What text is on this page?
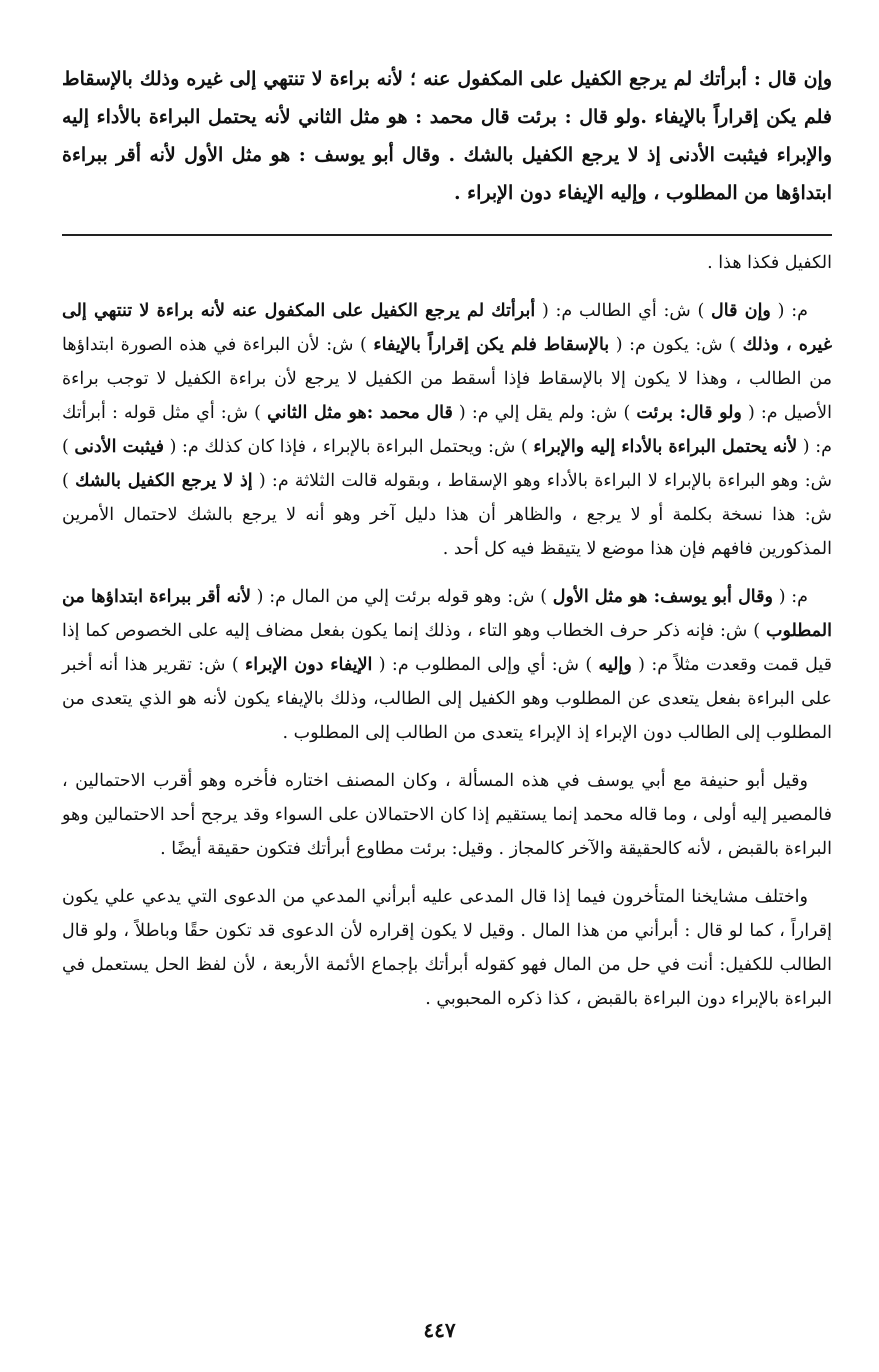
وإن قال : أبرأتك لم يرجع الكفيل على المكفول عنه ؛ لأنه براءة لا تنتهي إلى غيره وذلك بالإسقاط فلم يكن إقراراً بالإيفاء .ولو قال : برئت قال محمد : هو مثل الثاني لأنه يحتمل البراءة بالأداء إليه والإبراء فيثبت الأدنى إذ لا يرجع الكفيل بالشك . وقال أبو يوسف : هو مثل الأول لأنه أقر ببراءة ابتداؤها من المطلوب ، وإليه الإيفاء دون الإبراء .

الكفيل فكذا هذا .

م: ( وإن قال ) ش: أي الطالب م: ( أبرأتك لم يرجع الكفيل على المكفول عنه لأنه براءة لا تنتهي إلى غيره ، وذلك ) ش: يكون م: ( بالإسقاط فلم يكن إقراراً بالإيفاء ) ش: لأن البراءة في هذه الصورة ابتداؤها من الطالب ، وهذا لا يكون إلا بالإسقاط فإذا أسقط من الكفيل لا يرجع لأن براءة الكفيل لا توجب براءة الأصيل م: ( ولو قال: برئت ) ش: ولم يقل إلي م: ( قال محمد :هو مثل الثاني ) ش: أي مثل قوله : أبرأتك م: ( لأنه يحتمل البراءة بالأداء إليه والإبراء ) ش: ويحتمل البراءة بالإبراء ، فإذا كان كذلك م: ( فيثبت الأدنى ) ش: وهو البراءة بالإبراء لا البراءة بالأداء وهو الإسقاط ، وبقوله قالت الثلاثة م: ( إذ لا يرجع الكفيل بالشك ) ش: هذا نسخة بكلمة أو لا يرجع ، والظاهر أن هذا دليل آخر وهو أنه لا يرجع بالشك لاحتمال الأمرين المذكورين فافهم فإن هذا موضع لا يتيقظ فيه كل أحد .

م: ( وقال أبو يوسف: هو مثل الأول ) ش: وهو قوله برئت إلي من المال م: ( لأنه أقر ببراءة ابتداؤها من المطلوب ) ش: فإنه ذكر حرف الخطاب وهو التاء ، وذلك إنما يكون بفعل مضاف إليه على الخصوص كما إذا قيل قمت وقعدت مثلاً م: ( وإليه ) ش: أي وإلى المطلوب م: ( الإيفاء دون الإبراء ) ش: تقرير هذا أنه أخبر على البراءة بفعل يتعدى عن المطلوب وهو الكفيل إلى الطالب، وذلك بالإيفاء يكون لأنه هو الذي يتعدى من المطلوب إلى الطالب دون الإبراء إذ الإبراء يتعدى من الطالب إلى المطلوب .

وقيل أبو حنيفة مع أبي يوسف في هذه المسألة ، وكان المصنف اختاره فأخره وهو أقرب الاحتمالين ، فالمصير إليه أولى ، وما قاله محمد إنما يستقيم إذا كان الاحتمالان على السواء وقد يرجح أحد الاحتمالين وهو البراءة بالقبض ، لأنه كالحقيقة والآخر كالمجاز . وقيل: برئت مطاوع أبرأتك فتكون حقيقة أيضًا .

واختلف مشايخنا المتأخرون فيما إذا قال المدعى عليه أبرأني المدعي من الدعوى التي يدعي علي يكون إقراراً ، كما لو قال : أبرأني من هذا المال . وقيل لا يكون إقراره لأن الدعوى قد تكون حقًا وباطلاً ، ولو قال الطالب للكفيل: أنت في حل من المال فهو كقوله أبرأتك بإجماع الأئمة الأربعة ، لأن لفظ الحل يستعمل في البراءة بالإبراء دون البراءة بالقبض ، كذا ذكره المحبوبي .

٤٤٧
